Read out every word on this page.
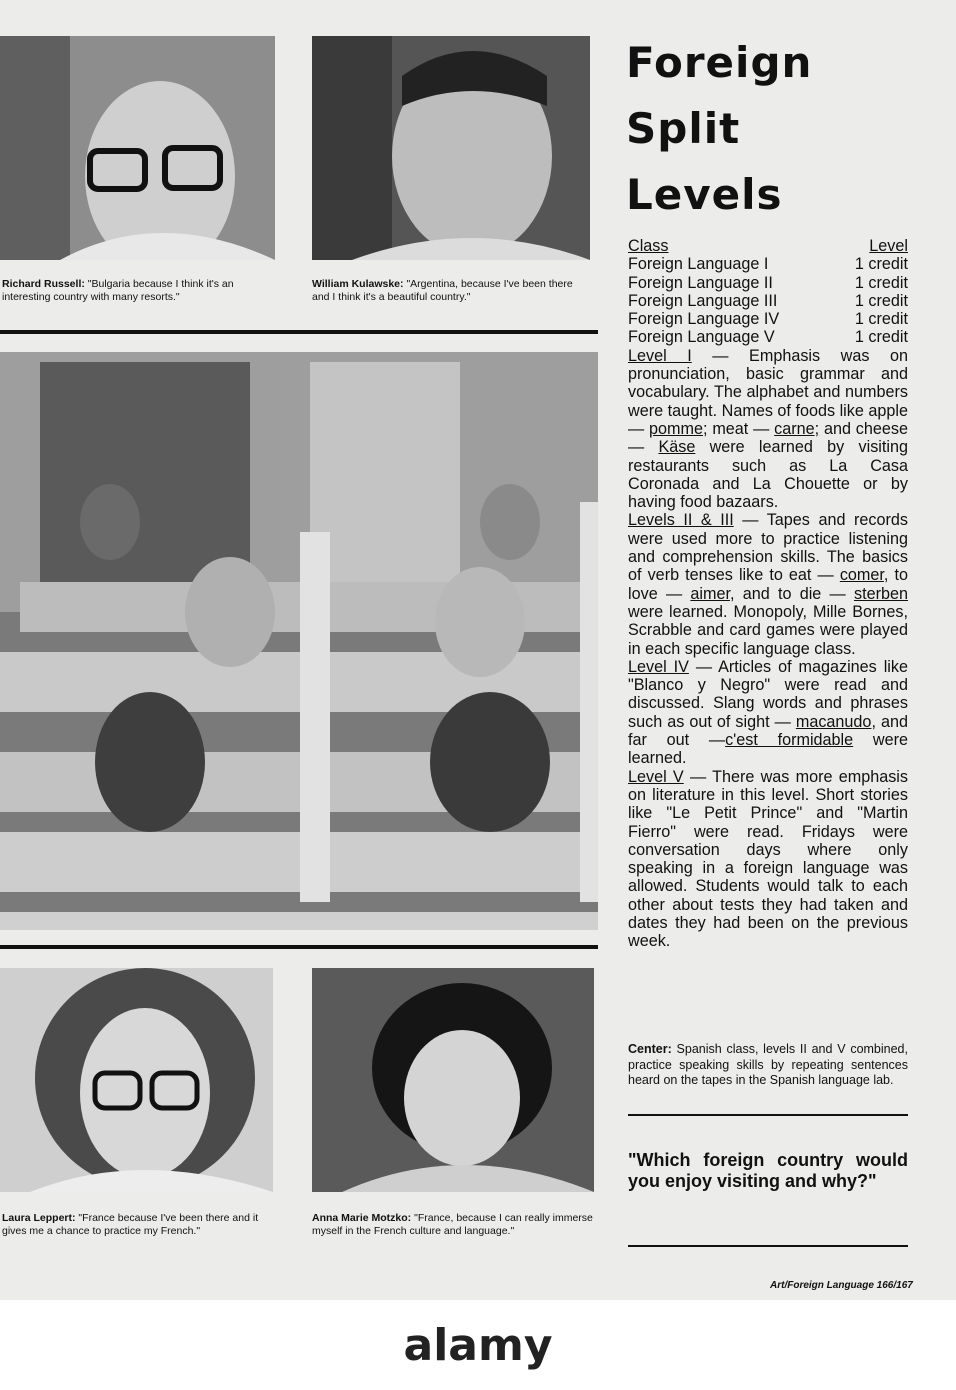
Richard Russell: "Bulgaria because I think it's an interesting country with many resorts."
William Kulawske: "Argentina, because I've been there and I think it's a beautiful country."
Laura Leppert: "France because I've been there and it gives me a chance to practice my French."
Anna Marie Motzko: "France, because I can really immerse myself in the French culture and language."
Foreign
Split
Levels
Class	Level
Foreign Language I	1 credit
Foreign Language II	1 credit
Foreign Language III	1 credit
Foreign Language IV	1 credit
Foreign Language V	1 credit

Level I — Emphasis was on pronunciation, basic grammar and vocabulary. The alphabet and numbers were taught. Names of foods like apple — pomme; meat — carne; and cheese — Käse were learned by visiting restaurants such as La Casa Coronada and La Chouette or by having food bazaars.

Levels II & III — Tapes and records were used more to practice listening and comprehension skills. The basics of verb tenses like to eat — comer, to love — aimer, and to die — sterben were learned. Monopoly, Mille Bornes, Scrabble and card games were played in each specific language class.

Level IV — Articles of magazines like "Blanco y Negro" were read and discussed. Slang words and phrases such as out of sight — macanudo, and far out —c'est formidable were learned.

Level V — There was more emphasis on literature in this level. Short stories like "Le Petit Prince" and "Martin Fierro" were read. Fridays were conversation days where only speaking in a foreign language was allowed. Students would talk to each other about tests they had taken and dates they had been on the previous week.

Center: Spanish class, levels II and V combined, practice speaking skills by repeating sentences heard on the tapes in the Spanish language lab.
"Which foreign country would you enjoy visiting and why?"
Art/Foreign Language 166/167
alamy
